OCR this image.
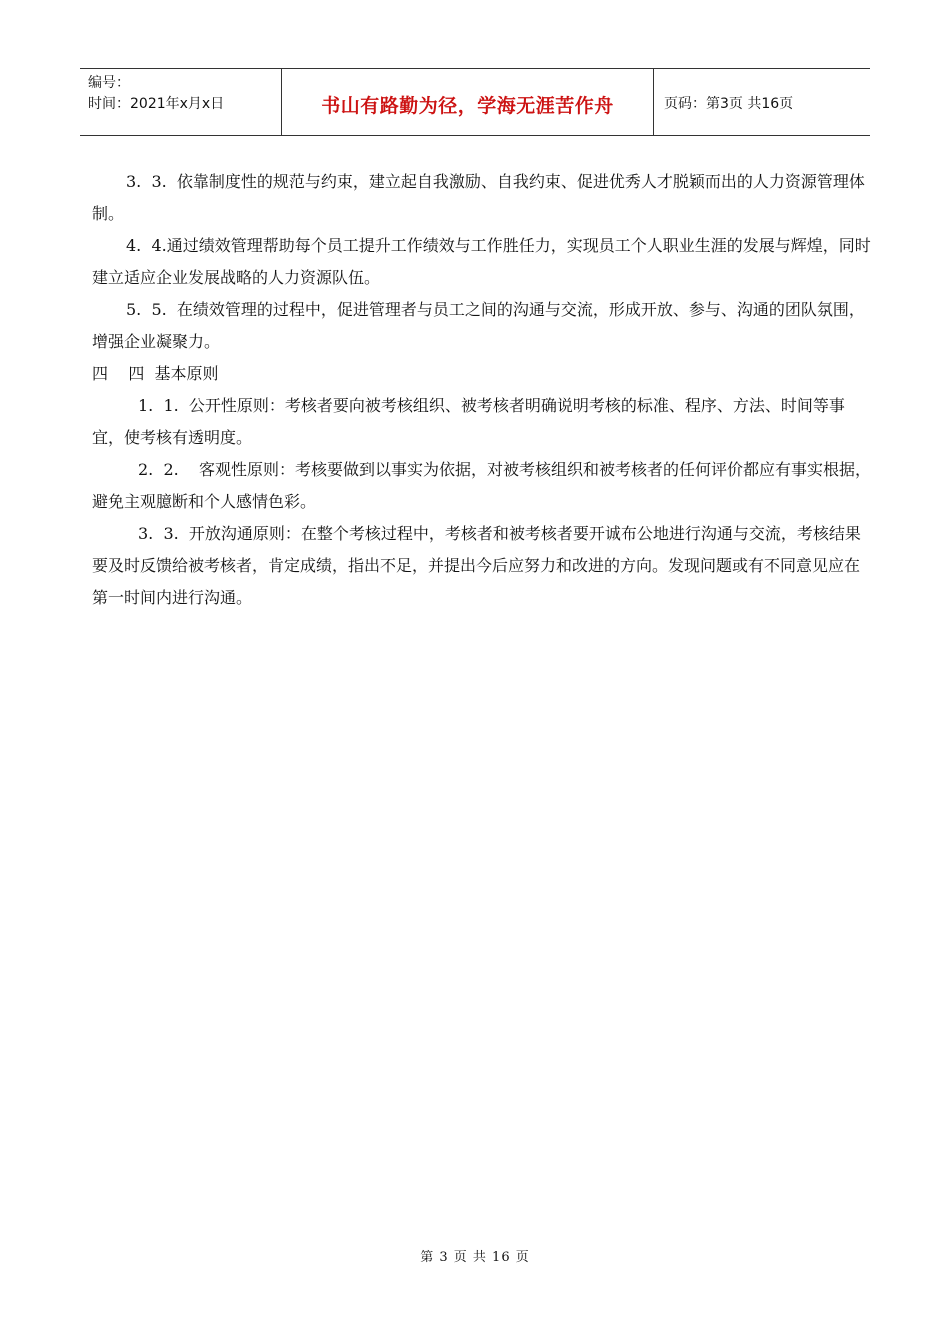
编号：
时间：2021年x月x日	书山有路勤为径，学海无涯苦作舟	页码：第3页 共16页

3.  3.  依靠制度性的规范与约束，建立起自我激励、自我约束、促进优秀人才脱颖而出的人力资源管理体制。

4.  4.通过绩效管理帮助每个员工提升工作绩效与工作胜任力，实现员工个人职业生涯的发展与辉煌，同时建立适应企业发展战略的人力资源队伍。

5.  5.  在绩效管理的过程中，促进管理者与员工之间的沟通与交流，形成开放、参与、沟通的团队氛围，增强企业凝聚力。

四    四  基本原则

1.  1.  公开性原则：考核者要向被考核组织、被考核者明确说明考核的标准、程序、方法、时间等事宜，使考核有透明度。

2.  2.    客观性原则：考核要做到以事实为依据，对被考核组织和被考核者的任何评价都应有事实根据，避免主观臆断和个人感情色彩。

3.  3.  开放沟通原则：在整个考核过程中，考核者和被考核者要开诚布公地进行沟通与交流，考核结果要及时反馈给被考核者，肯定成绩，指出不足，并提出今后应努力和改进的方向。发现问题或有不同意见应在第一时间内进行沟通。

第 3 页 共 16 页
